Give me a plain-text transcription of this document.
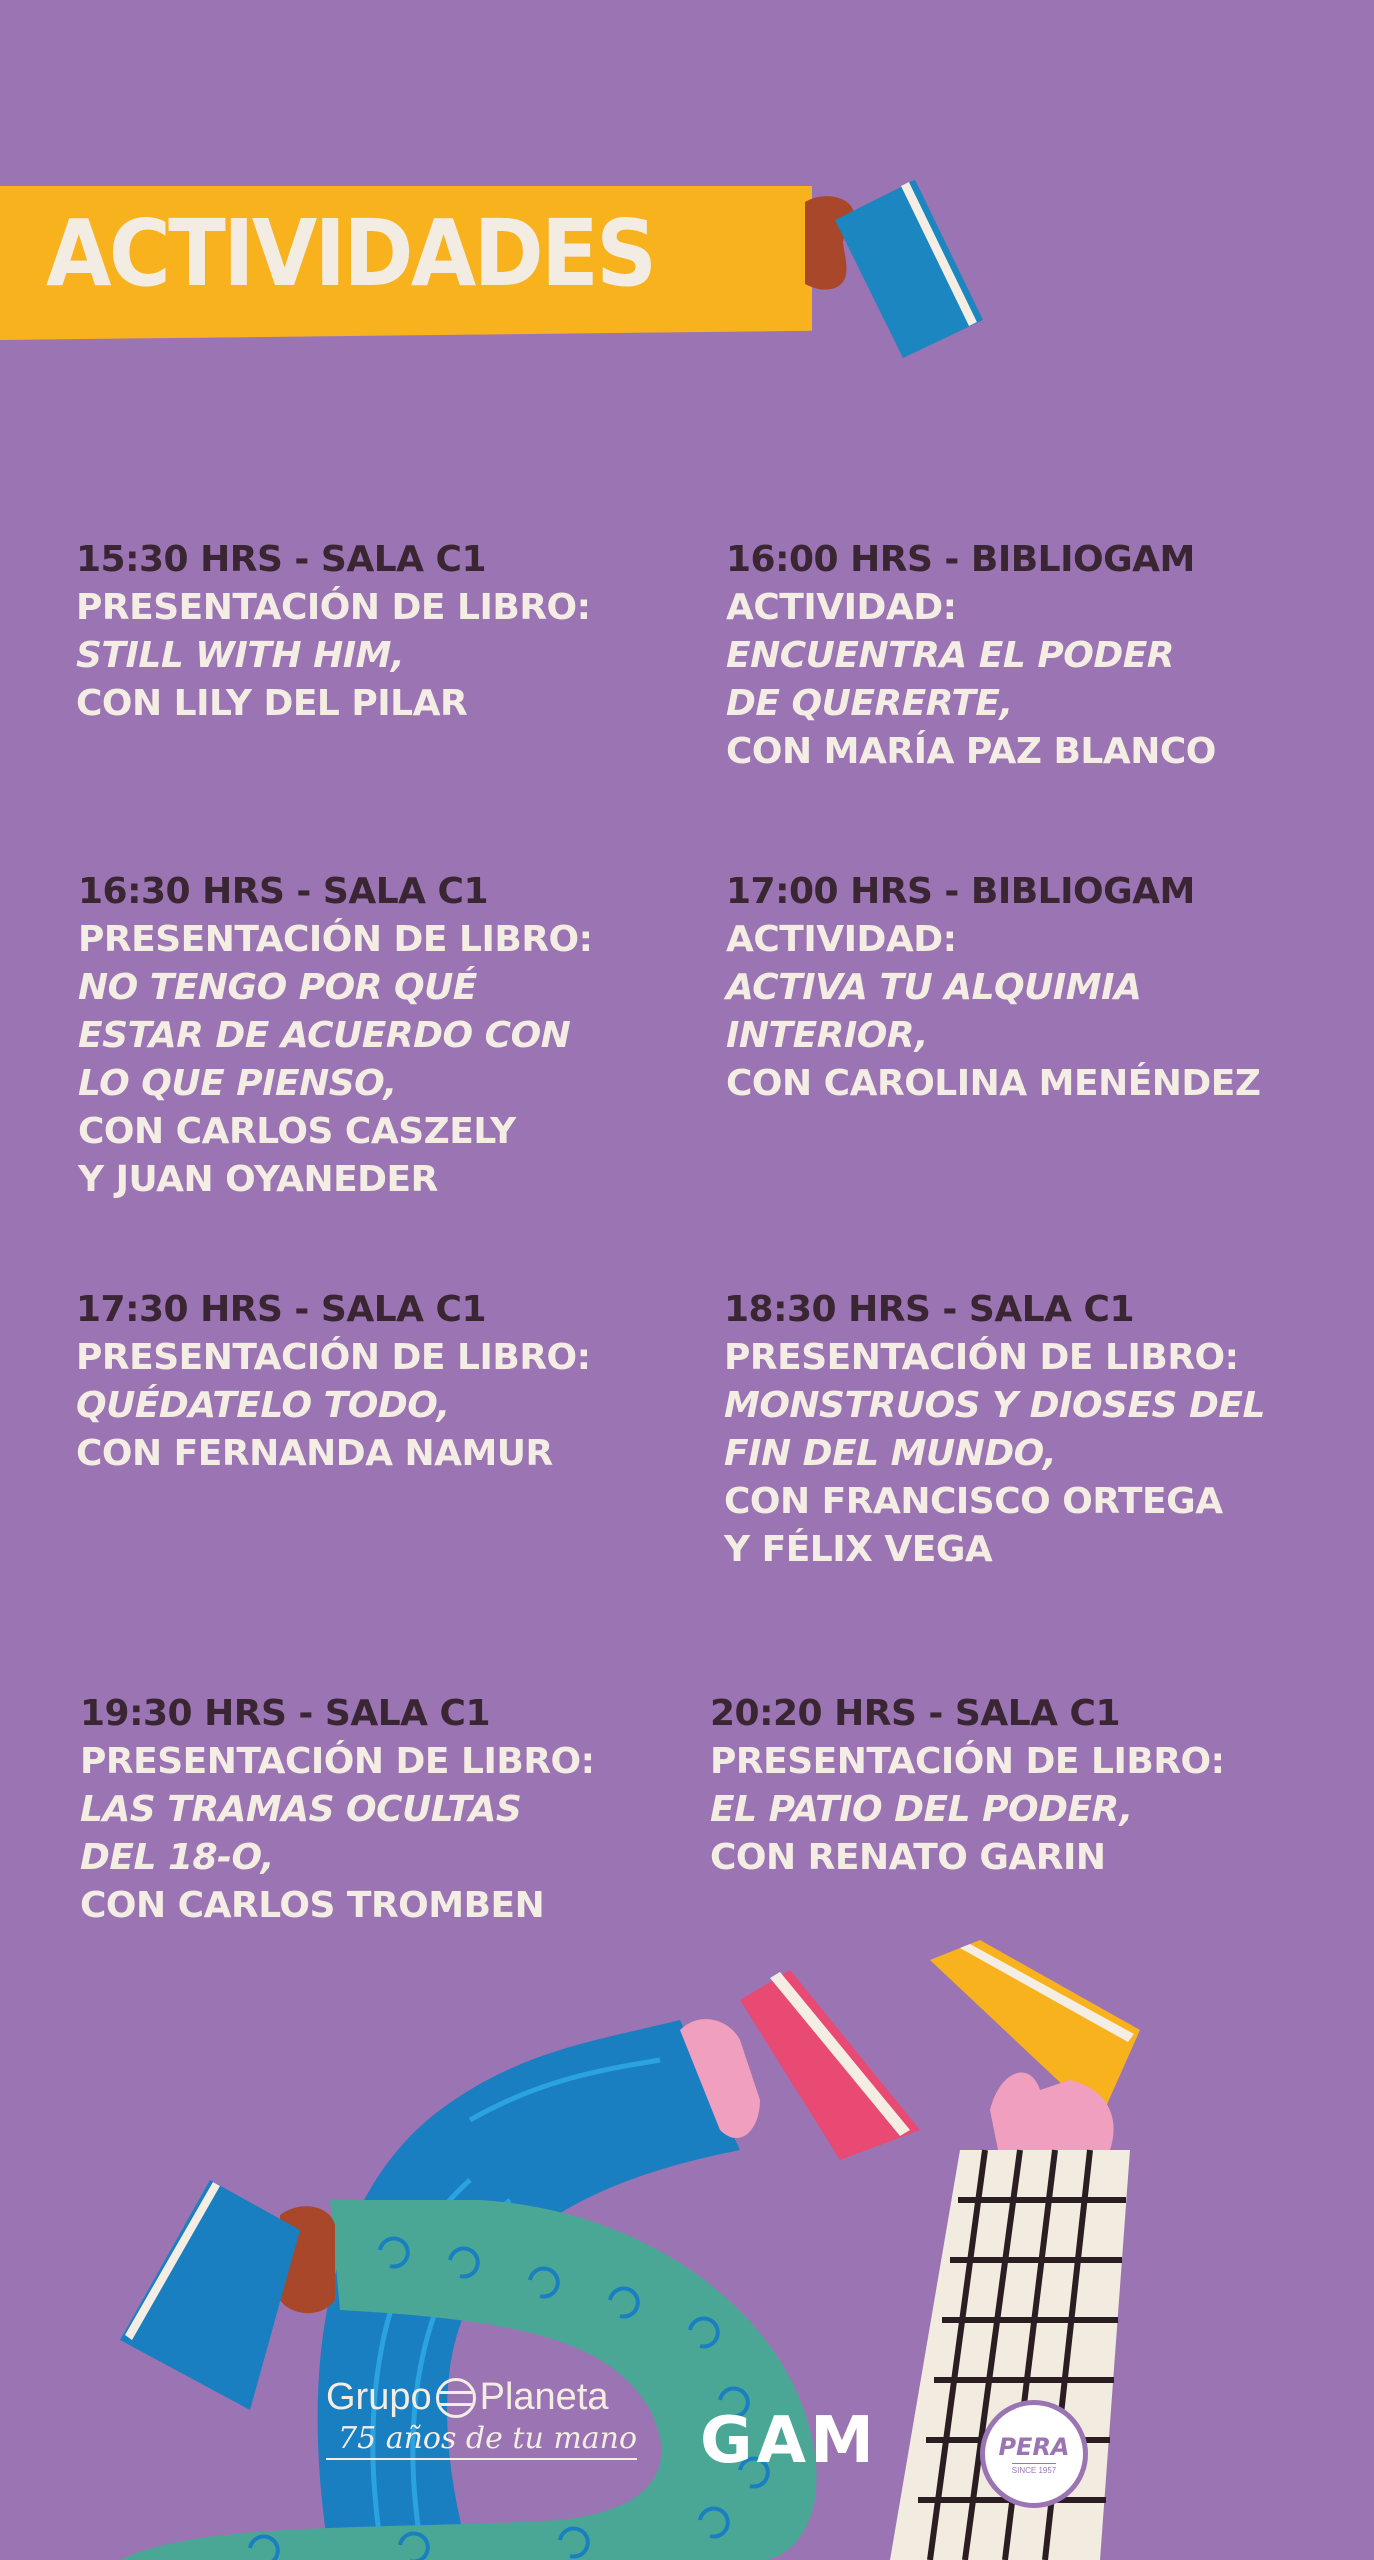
ACTIVIDADES
15:30 HRS - SALA C1
PRESENTACIÓN DE LIBRO:
STILL WITH HIM,
CON LILY DEL PILAR
16:00 HRS - BIBLIOGAM
ACTIVIDAD:
ENCUENTRA EL PODER
DE QUERERTE,
CON MARÍA PAZ BLANCO
16:30 HRS - SALA C1
PRESENTACIÓN DE LIBRO:
NO TENGO POR QUÉ
ESTAR DE ACUERDO CON
LO QUE PIENSO,
CON CARLOS CASZELY
Y JUAN OYANEDER
17:00 HRS - BIBLIOGAM
ACTIVIDAD:
ACTIVA TU ALQUIMIA
INTERIOR,
CON CAROLINA MENÉNDEZ
17:30 HRS - SALA C1
PRESENTACIÓN DE LIBRO:
QUÉDATELO TODO,
CON FERNANDA NAMUR
18:30 HRS - SALA C1
PRESENTACIÓN DE LIBRO:
MONSTRUOS Y DIOSES DEL
FIN DEL MUNDO,
CON FRANCISCO ORTEGA
Y FÉLIX VEGA
19:30 HRS - SALA C1
PRESENTACIÓN DE LIBRO:
LAS TRAMAS OCULTAS
DEL 18-O,
CON CARLOS TROMBEN
20:20 HRS - SALA C1
PRESENTACIÓN DE LIBRO:
EL PATIO DEL PODER,
CON RENATO GARIN
Grupo Planeta
75 años de tu mano GAM	PERA
SINCE 1957
